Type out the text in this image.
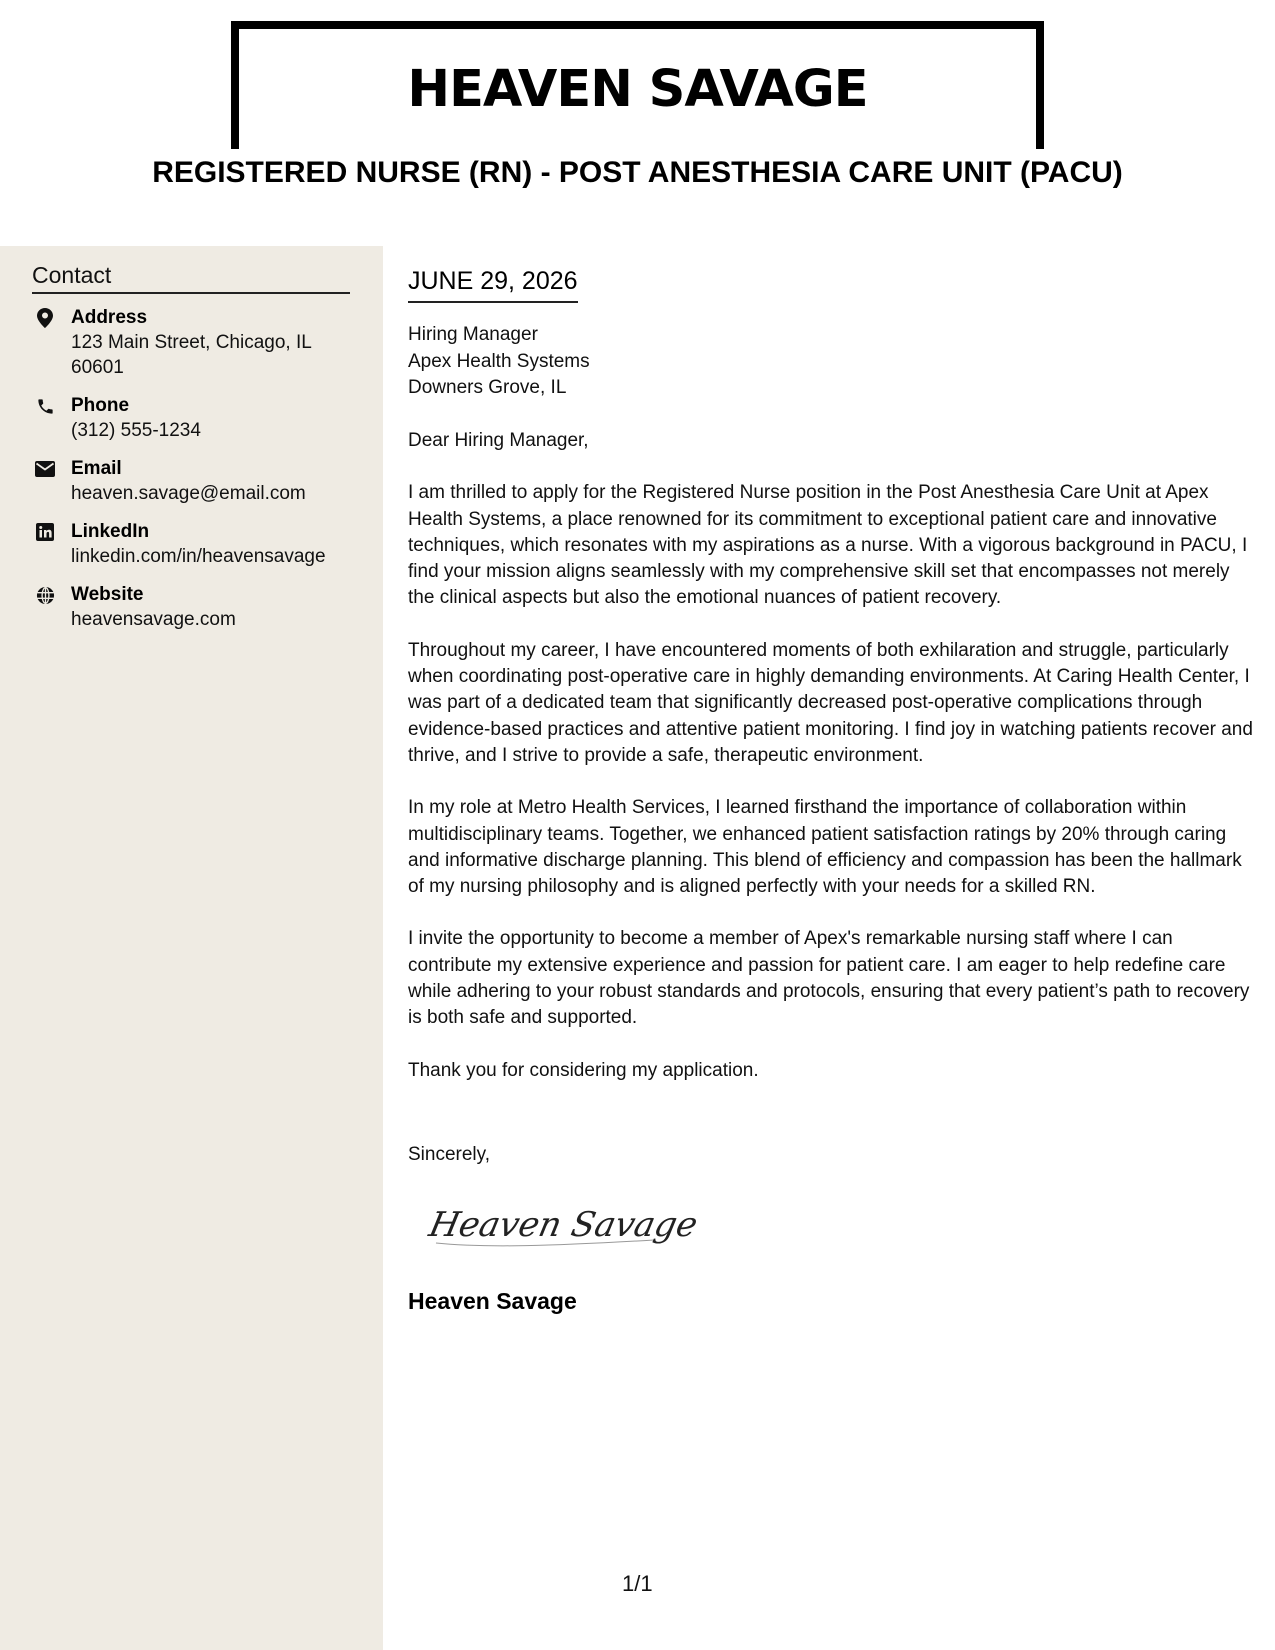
HEAVEN SAVAGE
REGISTERED NURSE (RN) - POST ANESTHESIA CARE UNIT (PACU)
Contact
Address
123 Main Street, Chicago, IL 60601
Phone
(312) 555-1234
Email
heaven.savage@email.com
LinkedIn
linkedin.com/in/heavensavage
Website
heavensavage.com
JUNE 29, 2026
Hiring Manager
Apex Health Systems
Downers Grove, IL

Dear Hiring Manager,

I am thrilled to apply for the Registered Nurse position in the Post Anesthesia Care Unit at Apex Health Systems, a place renowned for its commitment to exceptional patient care and innovative techniques, which resonates with my aspirations as a nurse. With a vigorous background in PACU, I find your mission aligns seamlessly with my comprehensive skill set that encompasses not merely the clinical aspects but also the emotional nuances of patient recovery.

Throughout my career, I have encountered moments of both exhilaration and struggle, particularly when coordinating post-operative care in highly demanding environments. At Caring Health Center, I was part of a dedicated team that significantly decreased post-operative complications through evidence-based practices and attentive patient monitoring. I find joy in watching patients recover and thrive, and I strive to provide a safe, therapeutic environment.

In my role at Metro Health Services, I learned firsthand the importance of collaboration within multidisciplinary teams. Together, we enhanced patient satisfaction ratings by 20% through caring and informative discharge planning. This blend of efficiency and compassion has been the hallmark of my nursing philosophy and is aligned perfectly with your needs for a skilled RN.

I invite the opportunity to become a member of Apex's remarkable nursing staff where I can contribute my extensive experience and passion for patient care. I am eager to help redefine care while adhering to your robust standards and protocols, ensuring that every patient’s path to recovery is both safe and supported.

Thank you for considering my application.

Sincerely,
Heaven Savage
Heaven Savage
1/1
